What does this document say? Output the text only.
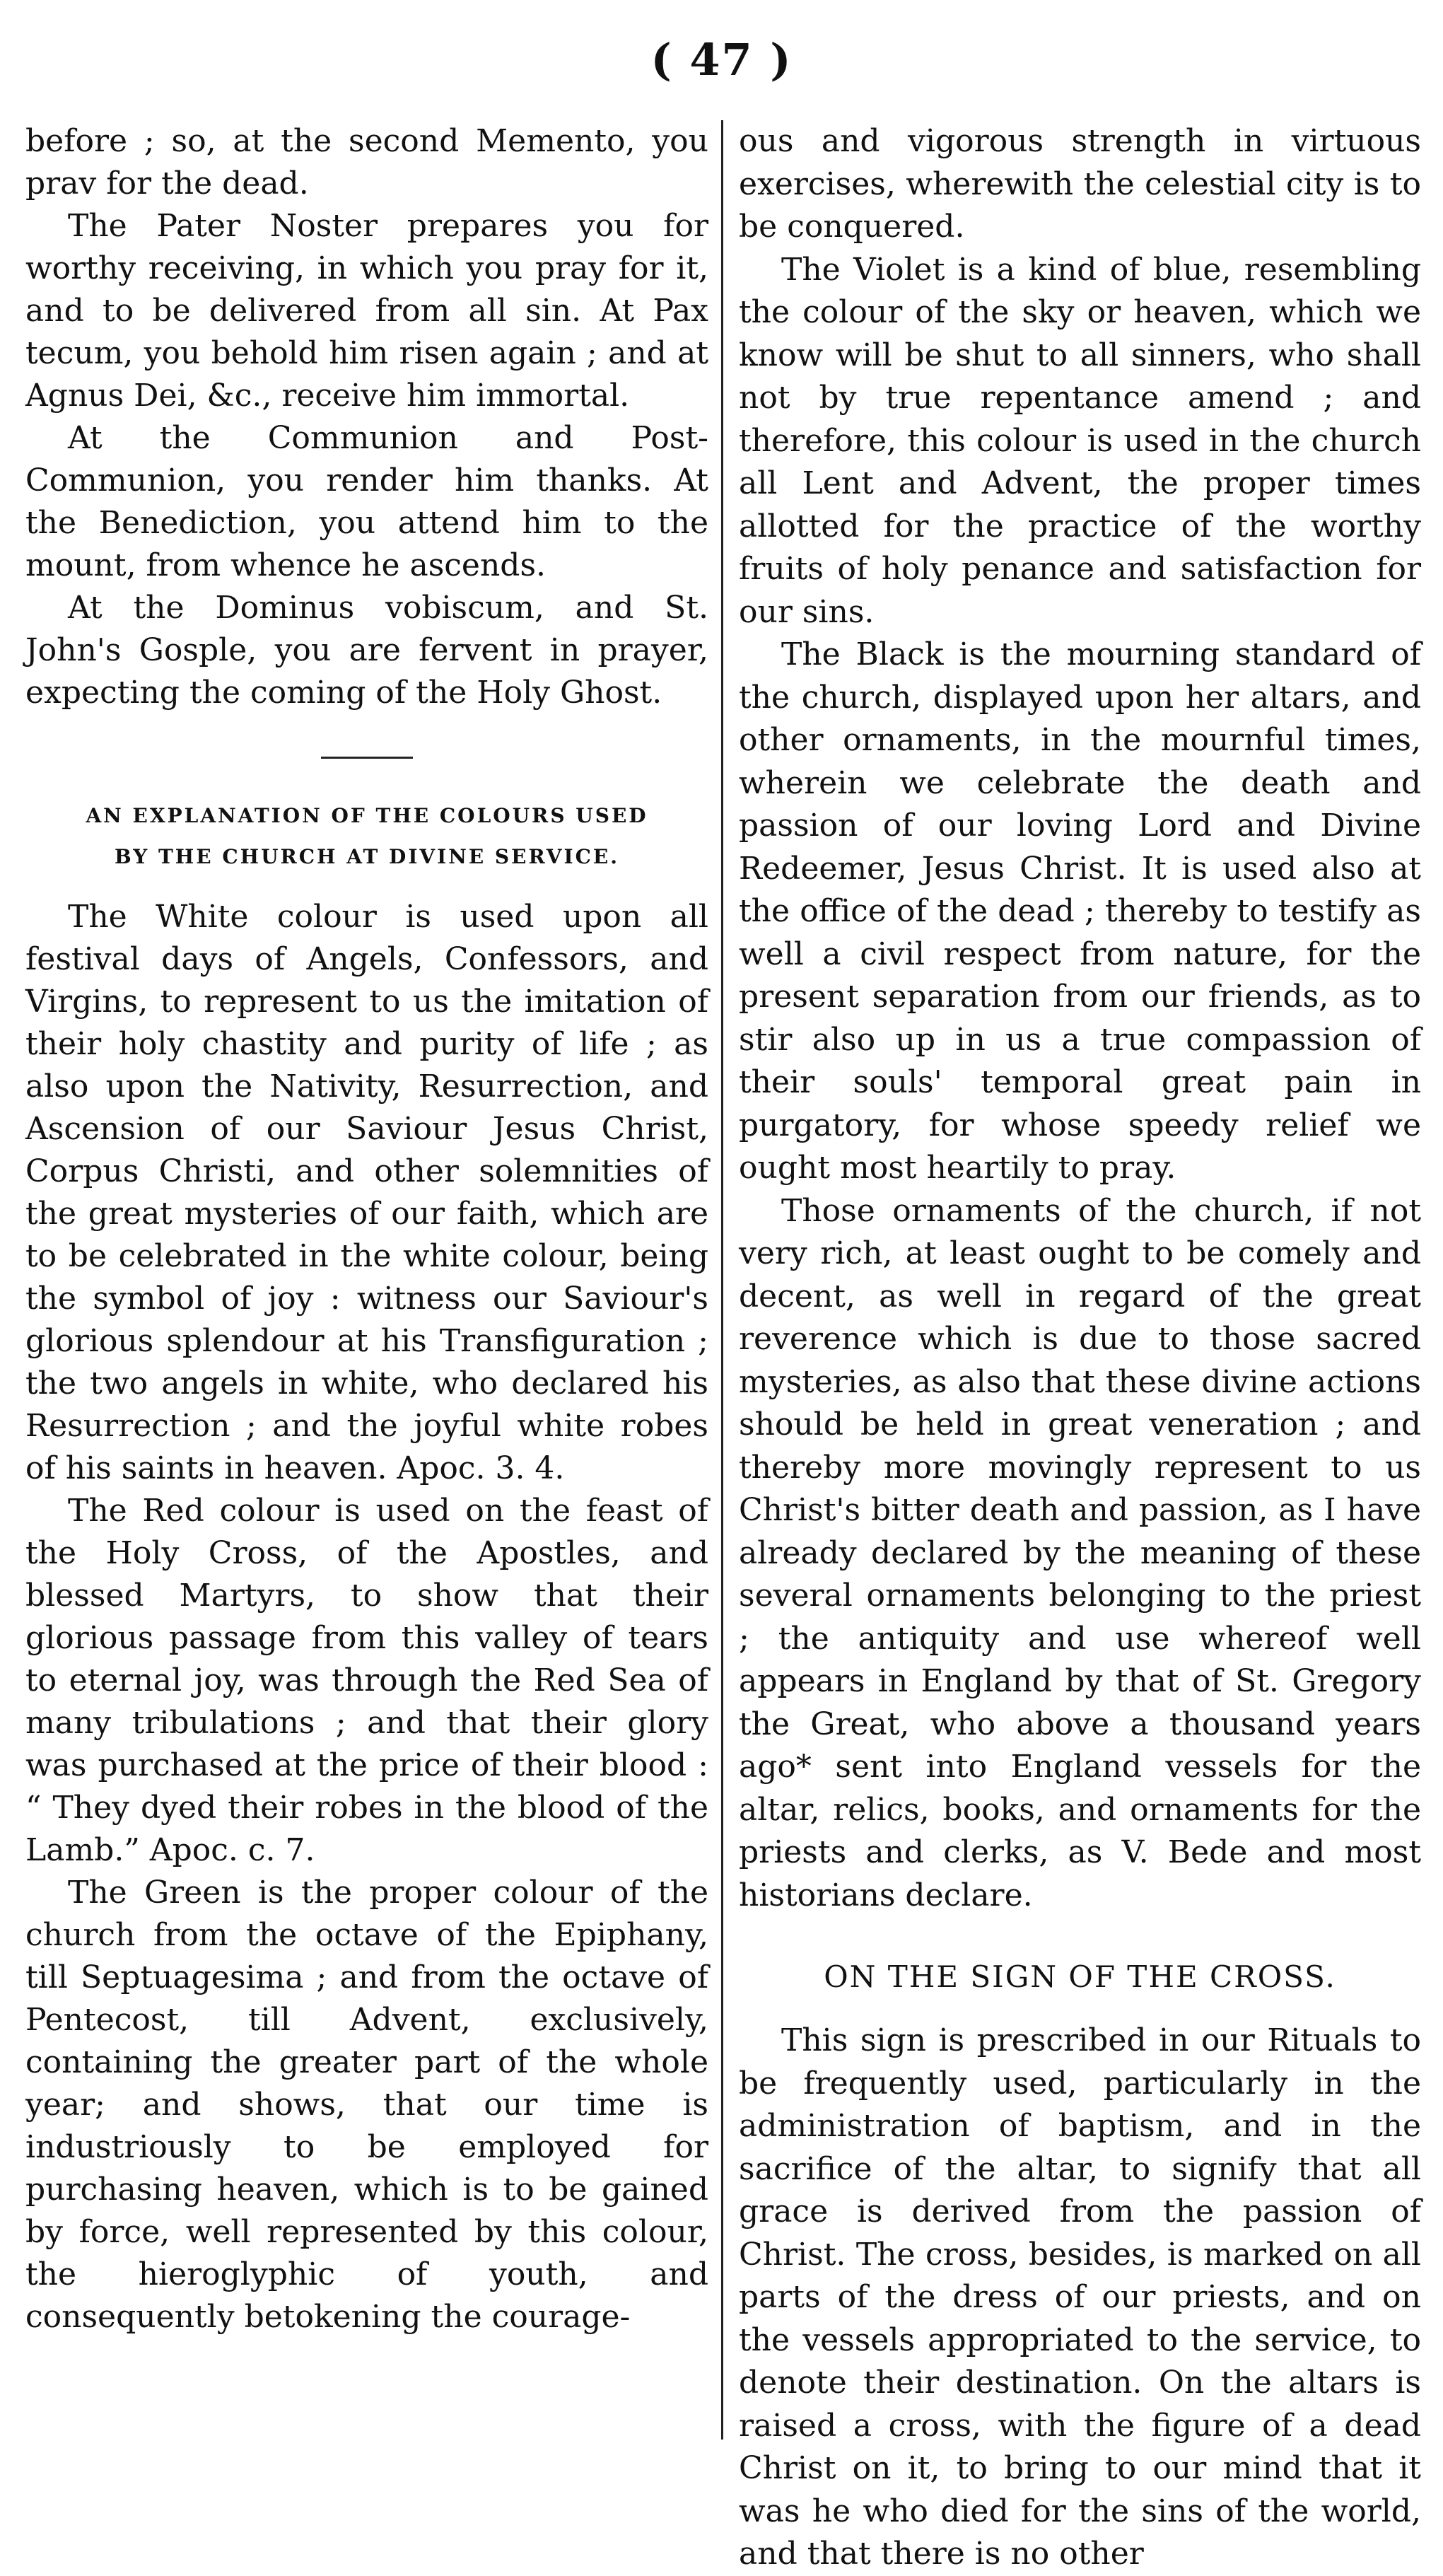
( 47 )

before ; so, at the second Memento, you prav for the dead.

The Pater Noster prepares you for worthy receiving, in which you pray for it, and to be delivered from all sin. At Pax tecum, you behold him risen again ; and at Agnus Dei, &c., receive him immortal.

At the Communion and Post-Communion, you render him thanks. At the Benediction, you attend him to the mount, from whence he ascends.

At the Dominus vobiscum, and St. John's Gosple, you are fervent in prayer, expecting the coming of the Holy Ghost.

AN EXPLANATION OF THE COLOURS USED
BY THE CHURCH AT DIVINE SERVICE.

The White colour is used upon all festival days of Angels, Confessors, and Virgins, to represent to us the imitation of their holy chastity and purity of life ; as also upon the Nativity, Resurrection, and Ascension of our Saviour Jesus Christ, Corpus Christi, and other solemnities of the great mysteries of our faith, which are to be celebrated in the white colour, being the symbol of joy : witness our Saviour's glorious splendour at his Transfiguration ; the two angels in white, who declared his Resurrection ; and the joyful white robes of his saints in heaven. Apoc. 3. 4.

The Red colour is used on the feast of the Holy Cross, of the Apostles, and blessed Martyrs, to show that their glorious passage from this valley of tears to eternal joy, was through the Red Sea of many tribulations ; and that their glory was purchased at the price of their blood : “ They dyed their robes in the blood of the Lamb.” Apoc. c. 7.

The Green is the proper colour of the church from the octave of the Epiphany, till Septuagesima ; and from the octave of Pentecost, till Advent, exclusively, containing the greater part of the whole year; and shows, that our time is industriously to be employed for purchasing heaven, which is to be gained by force, well represented by this colour, the hieroglyphic of youth, and consequently betokening the courage-

ous and vigorous strength in virtuous exercises, wherewith the celestial city is to be conquered.

The Violet is a kind of blue, resembling the colour of the sky or heaven, which we know will be shut to all sinners, who shall not by true repentance amend ; and therefore, this colour is used in the church all Lent and Advent, the proper times allotted for the practice of the worthy fruits of holy penance and satisfaction for our sins.

The Black is the mourning standard of the church, displayed upon her altars, and other ornaments, in the mournful times, wherein we celebrate the death and passion of our loving Lord and Divine Redeemer, Jesus Christ. It is used also at the office of the dead ; thereby to testify as well a civil respect from nature, for the present separation from our friends, as to stir also up in us a true compassion of their souls' temporal great pain in purgatory, for whose speedy relief we ought most heartily to pray.

Those ornaments of the church, if not very rich, at least ought to be comely and decent, as well in regard of the great reverence which is due to those sacred mysteries, as also that these divine actions should be held in great veneration ; and thereby more movingly represent to us Christ's bitter death and passion, as I have already declared by the meaning of these several ornaments belonging to the priest ; the antiquity and use whereof well appears in England by that of St. Gregory the Great, who above a thousand years ago* sent into England vessels for the altar, relics, books, and ornaments for the priests and clerks, as V. Bede and most historians declare.

ON THE SIGN OF THE CROSS.

This sign is prescribed in our Rituals to be frequently used, particularly in the administration of baptism, and in the sacrifice of the altar, to signify that all grace is derived from the passion of Christ. The cross, besides, is marked on all parts of the dress of our priests, and on the vessels appropriated to the service, to denote their destination. On the altars is raised a cross, with the figure of a dead Christ on it, to bring to our mind that it was he who died for the sins of the world, and that there is no other
